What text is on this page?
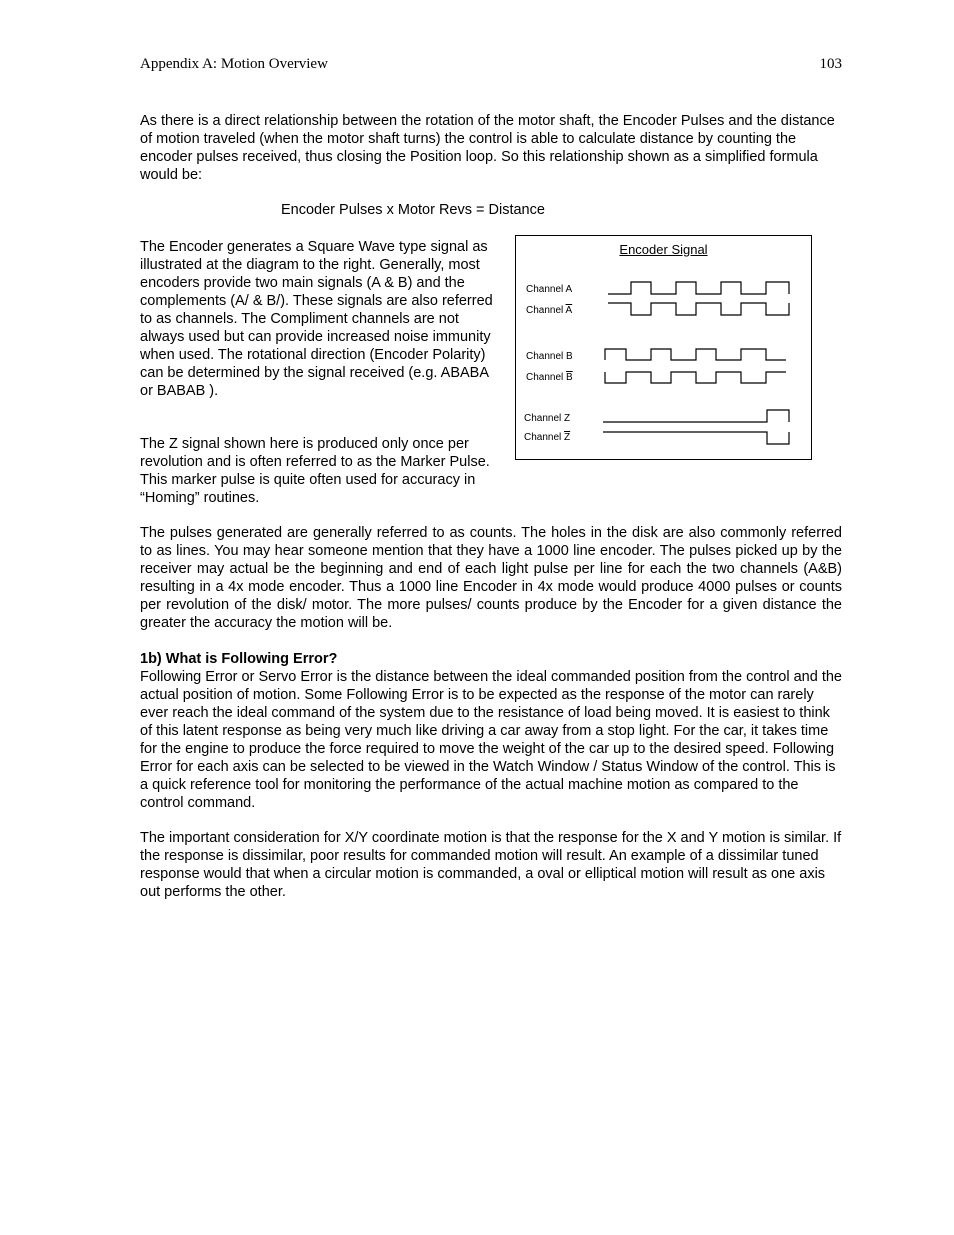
Appendix A: Motion Overview	103

As there is a direct relationship between the rotation of the motor shaft, the Encoder Pulses and the distance of motion traveled (when the motor shaft turns) the control is able to calculate distance by counting the encoder pulses received, thus closing the Position loop. So this relationship shown as a simplified formula would be:

Encoder Pulses x Motor Revs = Distance

The Encoder generates a Square Wave type signal as illustrated at the diagram to the right. Generally, most encoders provide two main signals (A & B) and the complements (A/ & B/). These signals are also referred to as channels. The Compliment channels are not always used but can provide increased noise immunity when used. The rotational direction (Encoder Polarity) can be determined by the signal received (e.g. ABABA or BABAB ).

The Z signal shown here is produced only once per revolution and is often referred to as the Marker Pulse. This marker pulse is quite often used for accuracy in “Homing” routines.

Encoder Signal
Channel A
Channel $\overline{A}$
Channel B
Channel $\overline{B}$
Channel Z
Channel $\overline{Z}$

The pulses generated are generally referred to as counts. The holes in the disk are also commonly referred to as lines. You may hear someone mention that they have a 1000 line encoder. The pulses picked up by the receiver may actual be the beginning and end of each light pulse per line for each the two channels (A&B) resulting in a 4x mode encoder. Thus a 1000 line Encoder in 4x mode would produce 4000 pulses or counts per revolution of the disk/ motor. The more pulses/ counts produce by the Encoder for a given distance the greater the accuracy the motion will be.

1b) What is Following Error?

Following Error or Servo Error is the distance between the ideal commanded position from the control and the actual position of motion. Some Following Error is to be expected as the response of the motor can rarely ever reach the ideal command of the system due to the resistance of load being moved. It is easiest to think of this latent response as being very much like driving a car away from a stop light. For the car, it takes time for the engine to produce the force required to move the weight of the car up to the desired speed. Following Error for each axis can be selected to be viewed in the Watch Window / Status Window of the control. This is a quick reference tool for monitoring the performance of the actual machine motion as compared to the control command.

The important consideration for X/Y coordinate motion is that the response for the X and Y motion is similar. If the response is dissimilar, poor results for commanded motion will result. An example of a dissimilar tuned response would that when a circular motion is commanded, a oval or elliptical motion will result as one axis out performs the other.
